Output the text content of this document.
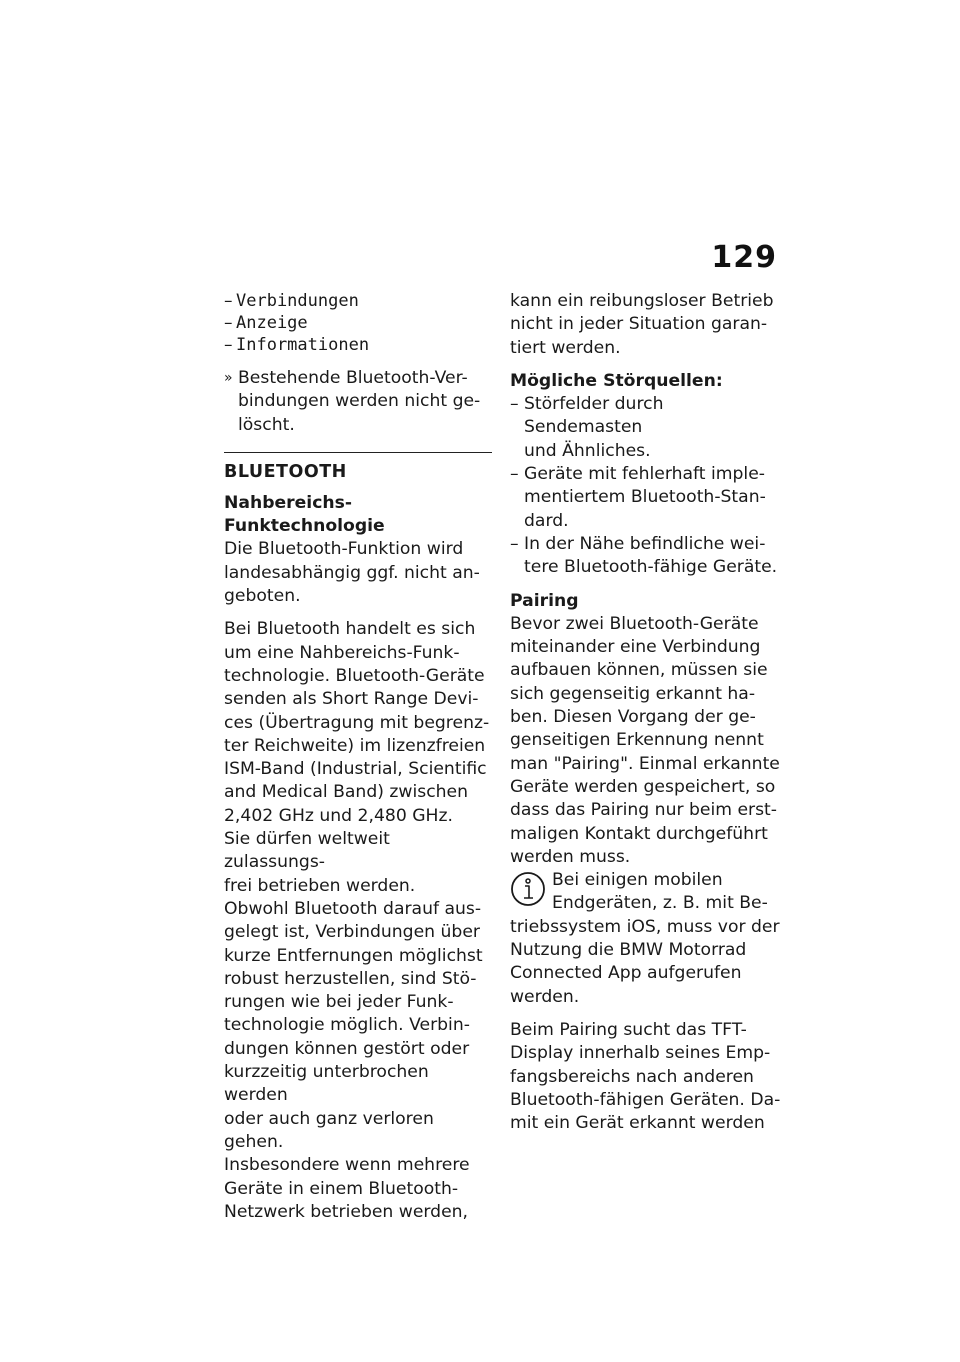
129
– Verbindungen
– Anzeige
– Informationen
» Bestehende Bluetooth-Ver-
bindungen werden nicht ge-
löscht.
BLUETOOTH
Nahbereichs-Funktechnologie
Die Bluetooth-Funktion wird
landesabhängig ggf. nicht an-
geboten.
Bei Bluetooth handelt es sich
um eine Nahbereichs-Funk-
technologie. Bluetooth-Geräte
senden als Short Range Devi-
ces (Übertragung mit begrenz-
ter Reichweite) im lizenzfreien
ISM-Band (Industrial, Scientific
and Medical Band) zwischen
2,402 GHz und 2,480 GHz.
Sie dürfen weltweit zulassungs-
frei betrieben werden.
Obwohl Bluetooth darauf aus-
gelegt ist, Verbindungen über
kurze Entfernungen möglichst
robust herzustellen, sind Stö-
rungen wie bei jeder Funk-
technologie möglich. Verbin-
dungen können gestört oder
kurzzeitig unterbrochen werden
oder auch ganz verloren gehen.
Insbesondere wenn mehrere
Geräte in einem Bluetooth-
Netzwerk betrieben werden,
kann ein reibungsloser Betrieb
nicht in jeder Situation garan-
tiert werden.
Mögliche Störquellen:
– Störfelder durch Sendemasten
und Ähnliches.
– Geräte mit fehlerhaft imple-
mentiertem Bluetooth-Stan-
dard.
– In der Nähe befindliche wei-
tere Bluetooth-fähige Geräte.
Pairing
Bevor zwei Bluetooth-Geräte
miteinander eine Verbindung
aufbauen können, müssen sie
sich gegenseitig erkannt ha-
ben. Diesen Vorgang der ge-
genseitigen Erkennung nennt
man "Pairing". Einmal erkannte
Geräte werden gespeichert, so
dass das Pairing nur beim erst-
maligen Kontakt durchgeführt
werden muss.
Bei einigen mobilen
Endgeräten, z. B. mit Be-
triebssystem iOS, muss vor der
Nutzung die BMW Motorrad
Connected App aufgerufen
werden.
Beim Pairing sucht das TFT-
Display innerhalb seines Emp-
fangsbereichs nach anderen
Bluetooth-fähigen Geräten. Da-
mit ein Gerät erkannt werden
